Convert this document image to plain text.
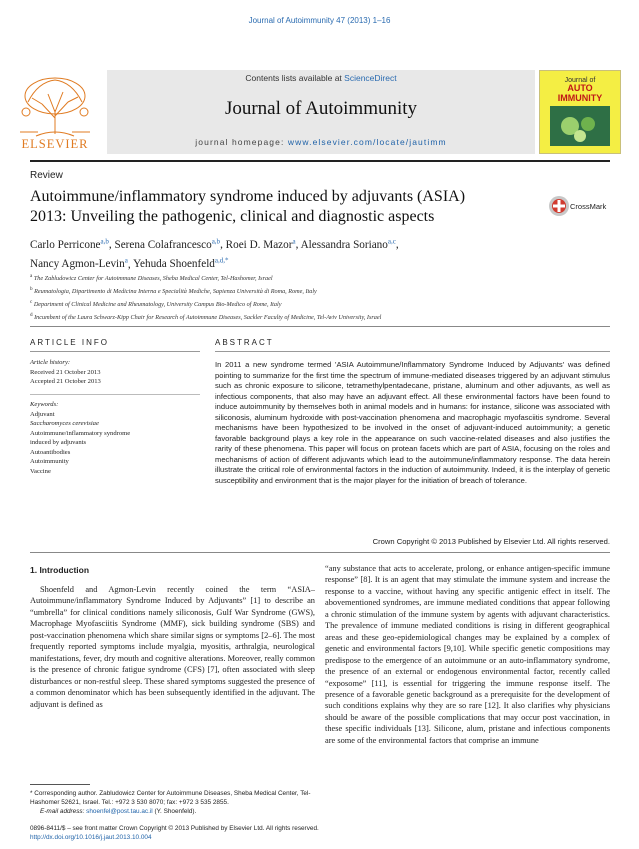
Journal of Autoimmunity 47 (2013) 1–16
ELSEVIER
Contents lists available at ScienceDirect
Journal of Autoimmunity
journal homepage: www.elsevier.com/locate/jautimm
Journal of
AUTO
IMMUNITY
Review
Autoimmune/inflammatory syndrome induced by adjuvants (ASIA)
2013: Unveiling the pathogenic, clinical and diagnostic aspects
CrossMark
Carlo Perricone$^{a,b}$, Serena Colafrancesco$^{a,b}$, Roei D. Mazor$^a$, Alessandra Soriano$^{a,c}$,
Nancy Agmon-Levin$^a$, Yehuda Shoenfeld$^{a,d,*}$
$^a$ The Zabludowicz Center for Autoimmune Diseases, Sheba Medical Center, Tel-Hashomer, Israel
$^b$ Reumatologia, Dipartimento di Medicina Interna e Specialità Mediche, Sapienza Università di Roma, Rome, Italy
$^c$ Department of Clinical Medicine and Rheumatology, University Campus Bio-Medico of Rome, Italy
$^d$ Incumbent of the Laura Schwarz-Kipp Chair for Research of Autoimmune Diseases, Sackler Faculty of Medicine, Tel-Aviv University, Israel
ARTICLE INFO	ABSTRACT
Article history:
Received 21 October 2013
Accepted 21 October 2013
Keywords:
Adjuvant
Saccharomyces cerevisiae
Autoimmune/inflammatory syndrome
induced by adjuvants
Autoantibodies
Autoimmunity
Vaccine
In 2011 a new syndrome termed 'ASIA Autoimmune/Inflammatory Syndrome Induced by Adjuvants' was defined pointing to summarize for the first time the spectrum of immune-mediated diseases triggered by an adjuvant stimulus such as chronic exposure to silicone, tetramethylpentadecane, pristane, aluminum and other adjuvants, as well as infectious components, that also may have an adjuvant effect. All these environmental factors have been found to induce autoimmunity by themselves both in animal models and in humans: for instance, silicone was associated with siliconosis, aluminum hydroxide with post-vaccination phenomena and macrophagic myofasciitis syndrome. Several mechanisms have been hypothesized to be involved in the onset of adjuvant-induced autoimmunity; a genetic favorable background plays a key role in the appearance on such vaccine-related diseases and also justifies the rarity of these phenomena. This paper will focus on protean facets which are part of ASIA, focusing on the roles and mechanisms of action of different adjuvants which lead to the autoimmune/inflammatory response. The data herein illustrate the critical role of environmental factors in the induction of autoimmunity. Indeed, it is the interplay of genetic susceptibility and environment that is the major player for the initiation of breach of tolerance.
Crown Copyright © 2013 Published by Elsevier Ltd. All rights reserved.
1. Introduction

Shoenfeld and Agmon-Levin recently coined the term “ASIA–Autoimmune/inflammatory Syndrome Induced by Adjuvants” [1] to describe an “umbrella” for clinical conditions namely siliconosis, Gulf War Syndrome (GWS), Macrophage Myofasciitis Syndrome (MMF), sick building syndrome (SBS) and post-vaccination phenomena which share similar signs or symptoms [2–6]. The most frequently reported symptoms include myalgia, myositis, arthralgia, neurological manifestations, fever, dry mouth and cognitive alterations. Moreover, really common is the presence of chronic fatigue syndrome (CFS) [7], often associated with sleep disturbances or non-restful sleep. These shared symptoms suggested the presence of a common denominator which has been subsequently identified in the adjuvant. The adjuvant is defined as

“any substance that acts to accelerate, prolong, or enhance antigen-specific immune response” [8]. It is an agent that may stimulate the immune system and increase the response to a vaccine, without having any specific antigenic effect in itself. The abovementioned syndromes, are immune mediated conditions that appear following a chronic stimulation of the immune system by agents with adjuvant characteristics. The prevalence of immune mediated conditions is rising in different geographical areas and these geo-epidemiological changes may be explained by a complex of genetic and environmental factors [9,10]. While specific genetic compositions may predispose to the emergence of an autoimmune or an auto-inflammatory syndrome, the presence of an external or endogenous environmental factor, recently called “exposome” [11], is essential for triggering the immune response itself. The presence of a favorable genetic background as a prerequisite for the development of such conditions explains why they are so rare [12]. It also clarifies why physicians should be aware of the possible complications that may occur post vaccination, in these specific individuals [13]. Silicone, alum, pristane and infectious components are some of the environmental factors that comprise an immune

* Corresponding author. Zabludowicz Center for Autoimmune Diseases, Sheba Medical Center, Tel-Hashomer 52621, Israel. Tel.: +972 3 530 8070; fax: +972 3 535 2855.
E-mail address: shoenfel@post.tau.ac.il (Y. Shoenfeld).
0896-8411/$ – see front matter Crown Copyright © 2013 Published by Elsevier Ltd. All rights reserved.
http://dx.doi.org/10.1016/j.jaut.2013.10.004
